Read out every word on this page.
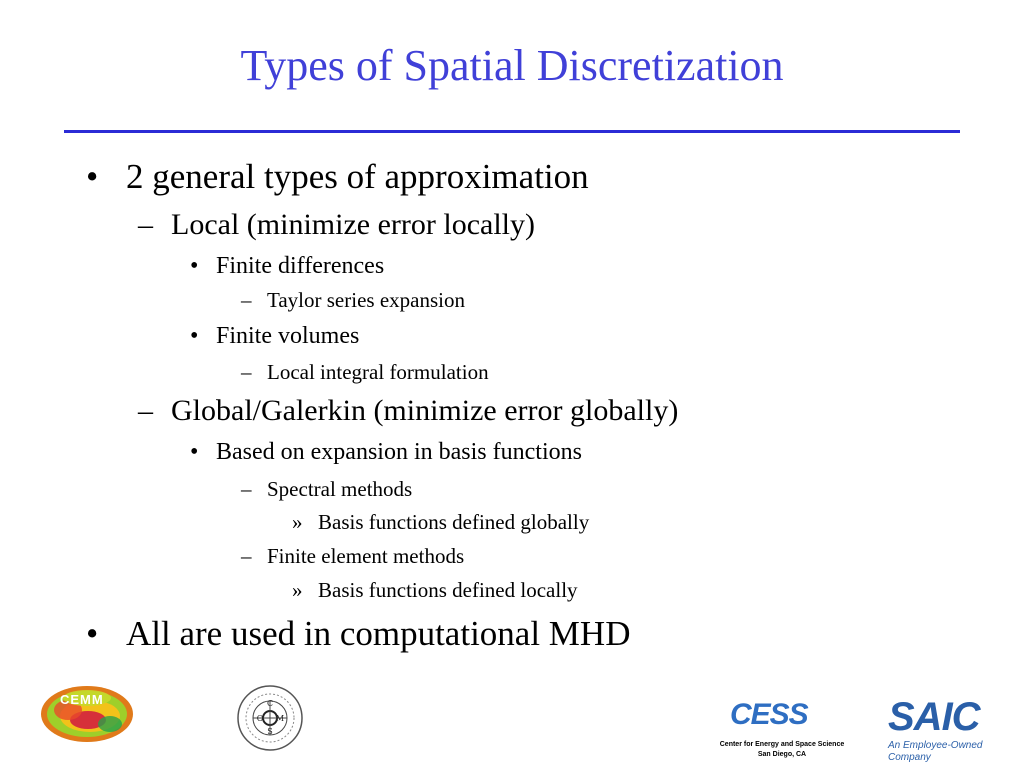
Types of Spatial Discretization
• 2 general types of approximation
– Local (minimize error locally)
• Finite differences
– Taylor series expansion
• Finite volumes
– Local integral formulation
– Global/Galerkin (minimize error globally)
• Based on expansion in basis functions
– Spectral methods
» Basis functions defined globally
– Finite element methods
» Basis functions defined locally
• All are used in computational MHD
CEMM	C
M
S
O	CESS
Center for Energy and Space Science
San Diego, CA
SAIC
An Employee-Owned Company
